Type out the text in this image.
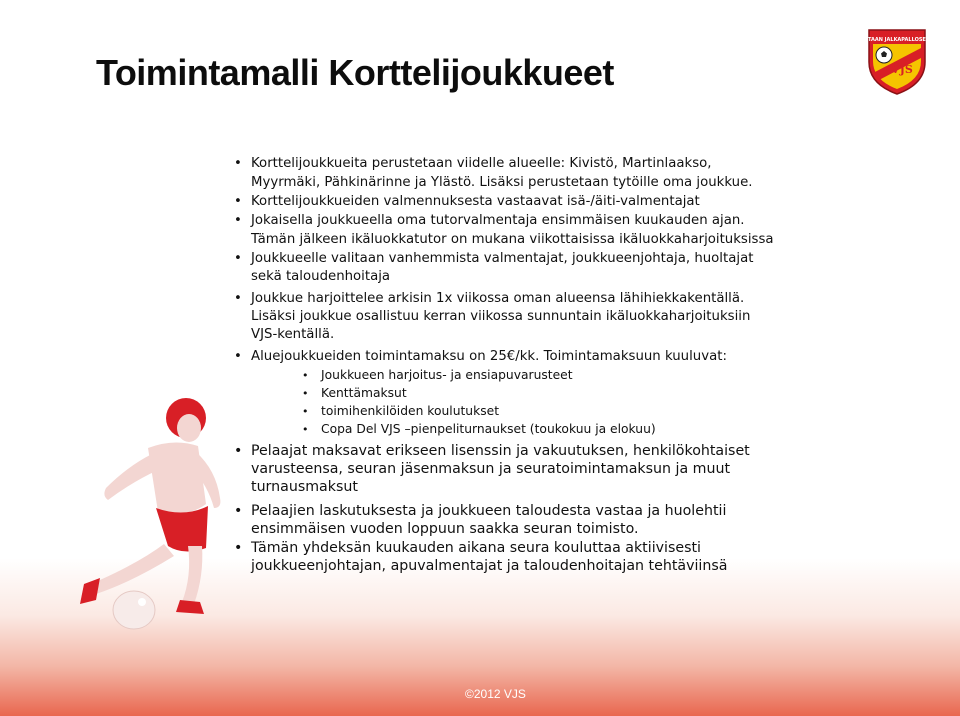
Toimintamalli Korttelijoukkueet
VANTAAN JALKAPALLOSEURA
VJS
• Korttelijoukkueita perustetaan viidelle alueelle: Kivistö, Martinlaakso,
Myyrmäki, Pähkinärinne ja Ylästö. Lisäksi perustetaan tytöille oma joukkue.
• Korttelijoukkueiden valmennuksesta vastaavat isä-/äiti-valmentajat
• Jokaisella joukkueella oma tutorvalmentaja ensimmäisen kuukauden ajan.
Tämän jälkeen ikäluokkatutor on mukana viikottaisissa ikäluokkaharjoituksissa
• Joukkueelle valitaan vanhemmista valmentajat, joukkueenjohtaja, huoltajat
sekä taloudenhoitaja
• Joukkue harjoittelee arkisin 1x viikossa oman alueensa lähihiekkakentällä.
Lisäksi joukkue osallistuu kerran viikossa sunnuntain ikäluokkaharjoituksiin
VJS-kentällä.
• Aluejoukkueiden toimintamaksu on 25€/kk. Toimintamaksuun kuuluvat:
• Joukkueen harjoitus- ja ensiapuvarusteet
• Kenttämaksut
• toimihenkilöiden koulutukset
• Copa Del VJS –pienpeliturnaukset (toukokuu ja elokuu)
• Pelaajat maksavat erikseen lisenssin ja vakuutuksen, henkilökohtaiset
varusteensa, seuran jäsenmaksun ja seuratoimintamaksun ja muut
turnausmaksut
• Pelaajien laskutuksesta ja joukkueen taloudesta vastaa ja huolehtii
ensimmäisen vuoden loppuun saakka seuran toimisto.
• Tämän yhdeksän kuukauden aikana seura kouluttaa aktiivisesti
joukkueenjohtajan, apuvalmentajat ja taloudenhoitajan tehtäviinsä
©2012 VJS
